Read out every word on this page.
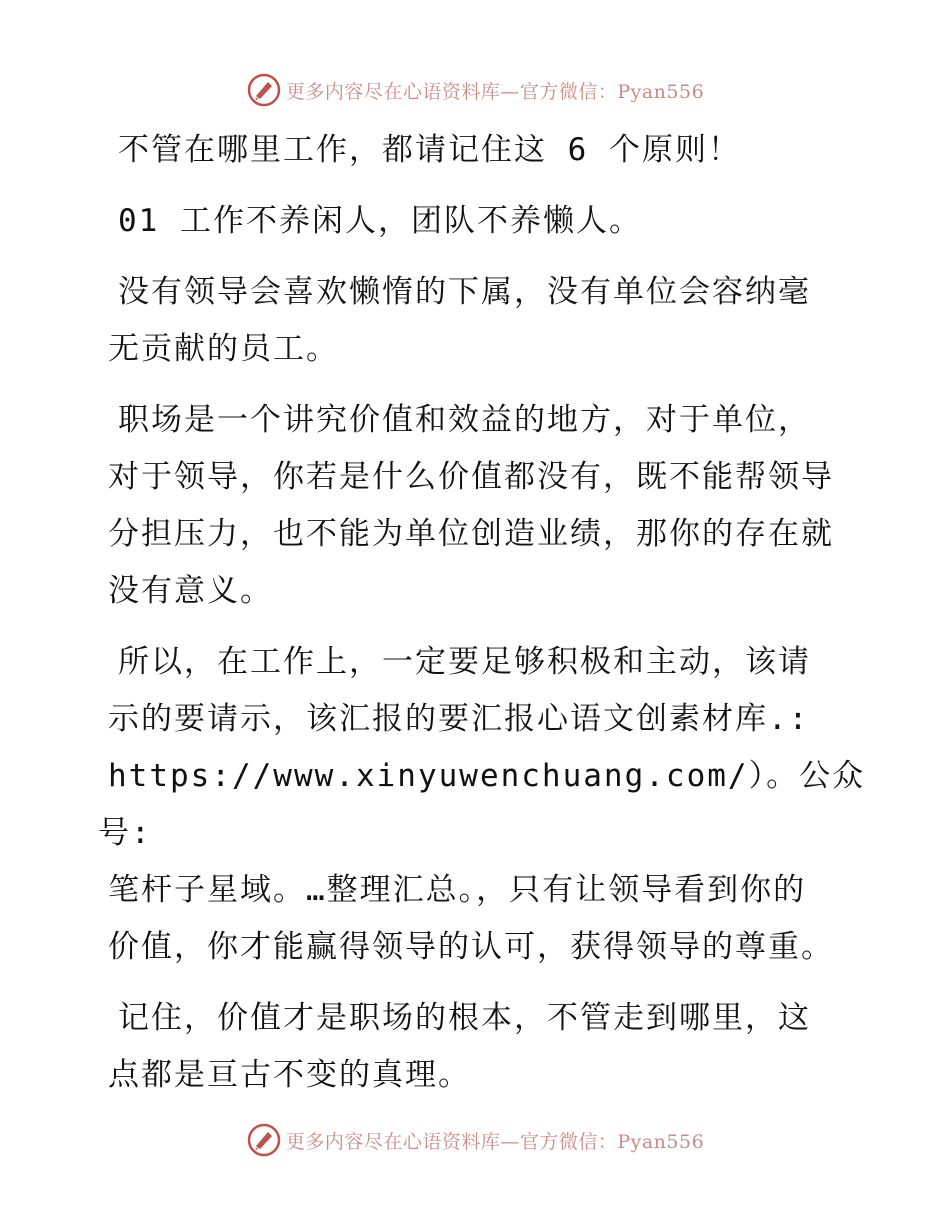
更多内容尽在心语资料库—官方微信：Pyan556
不管在哪里工作，都请记住这 6 个原则！
01 工作不养闲人，团队不养懒人。
没有领导会喜欢懒惰的下属，没有单位会容纳毫
无贡献的员工。
职场是一个讲究价值和效益的地方，对于单位，
对于领导，你若是什么价值都没有，既不能帮领导
分担压力，也不能为单位创造业绩，那你的存在就
没有意义。
所以，在工作上，一定要足够积极和主动，该请
示的要请示，该汇报的要汇报心语文创素材库.:
https://www.xinyuwenchuang.com/）。公众号:
笔杆子星域。…整理汇总。，只有让领导看到你的
价值，你才能赢得领导的认可，获得领导的尊重。
记住，价值才是职场的根本，不管走到哪里，这
点都是亘古不变的真理。
更多内容尽在心语资料库—官方微信：Pyan556
